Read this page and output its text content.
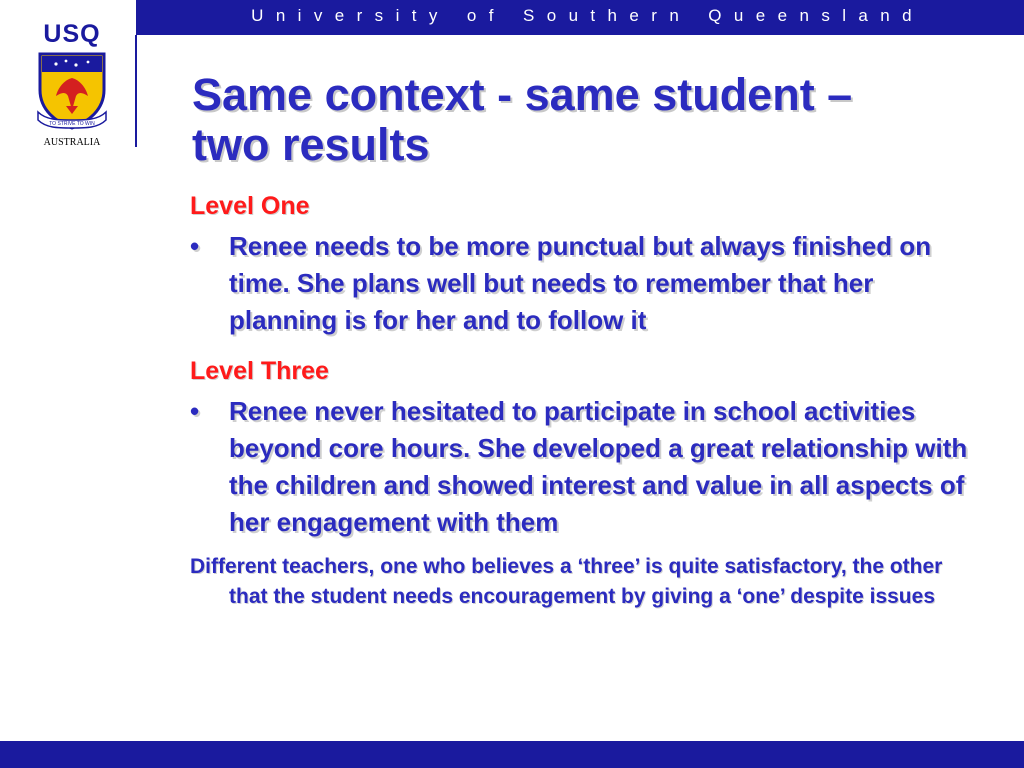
University of Southern Queensland
USQ
TO STRIVE TO WIN
AUSTRALIA
Same context - same student –
two results
Level One
• Renee needs to be more punctual but always finished on time. She plans well but needs to remember that her planning is for her and to follow it
Level Three
• Renee never hesitated to participate in school activities beyond core hours. She developed a great relationship with the children and showed interest and value in all aspects of her engagement with them
Different teachers, one who believes a ‘three’ is quite satisfactory, the other that the student needs encouragement by giving a ‘one’ despite issues
